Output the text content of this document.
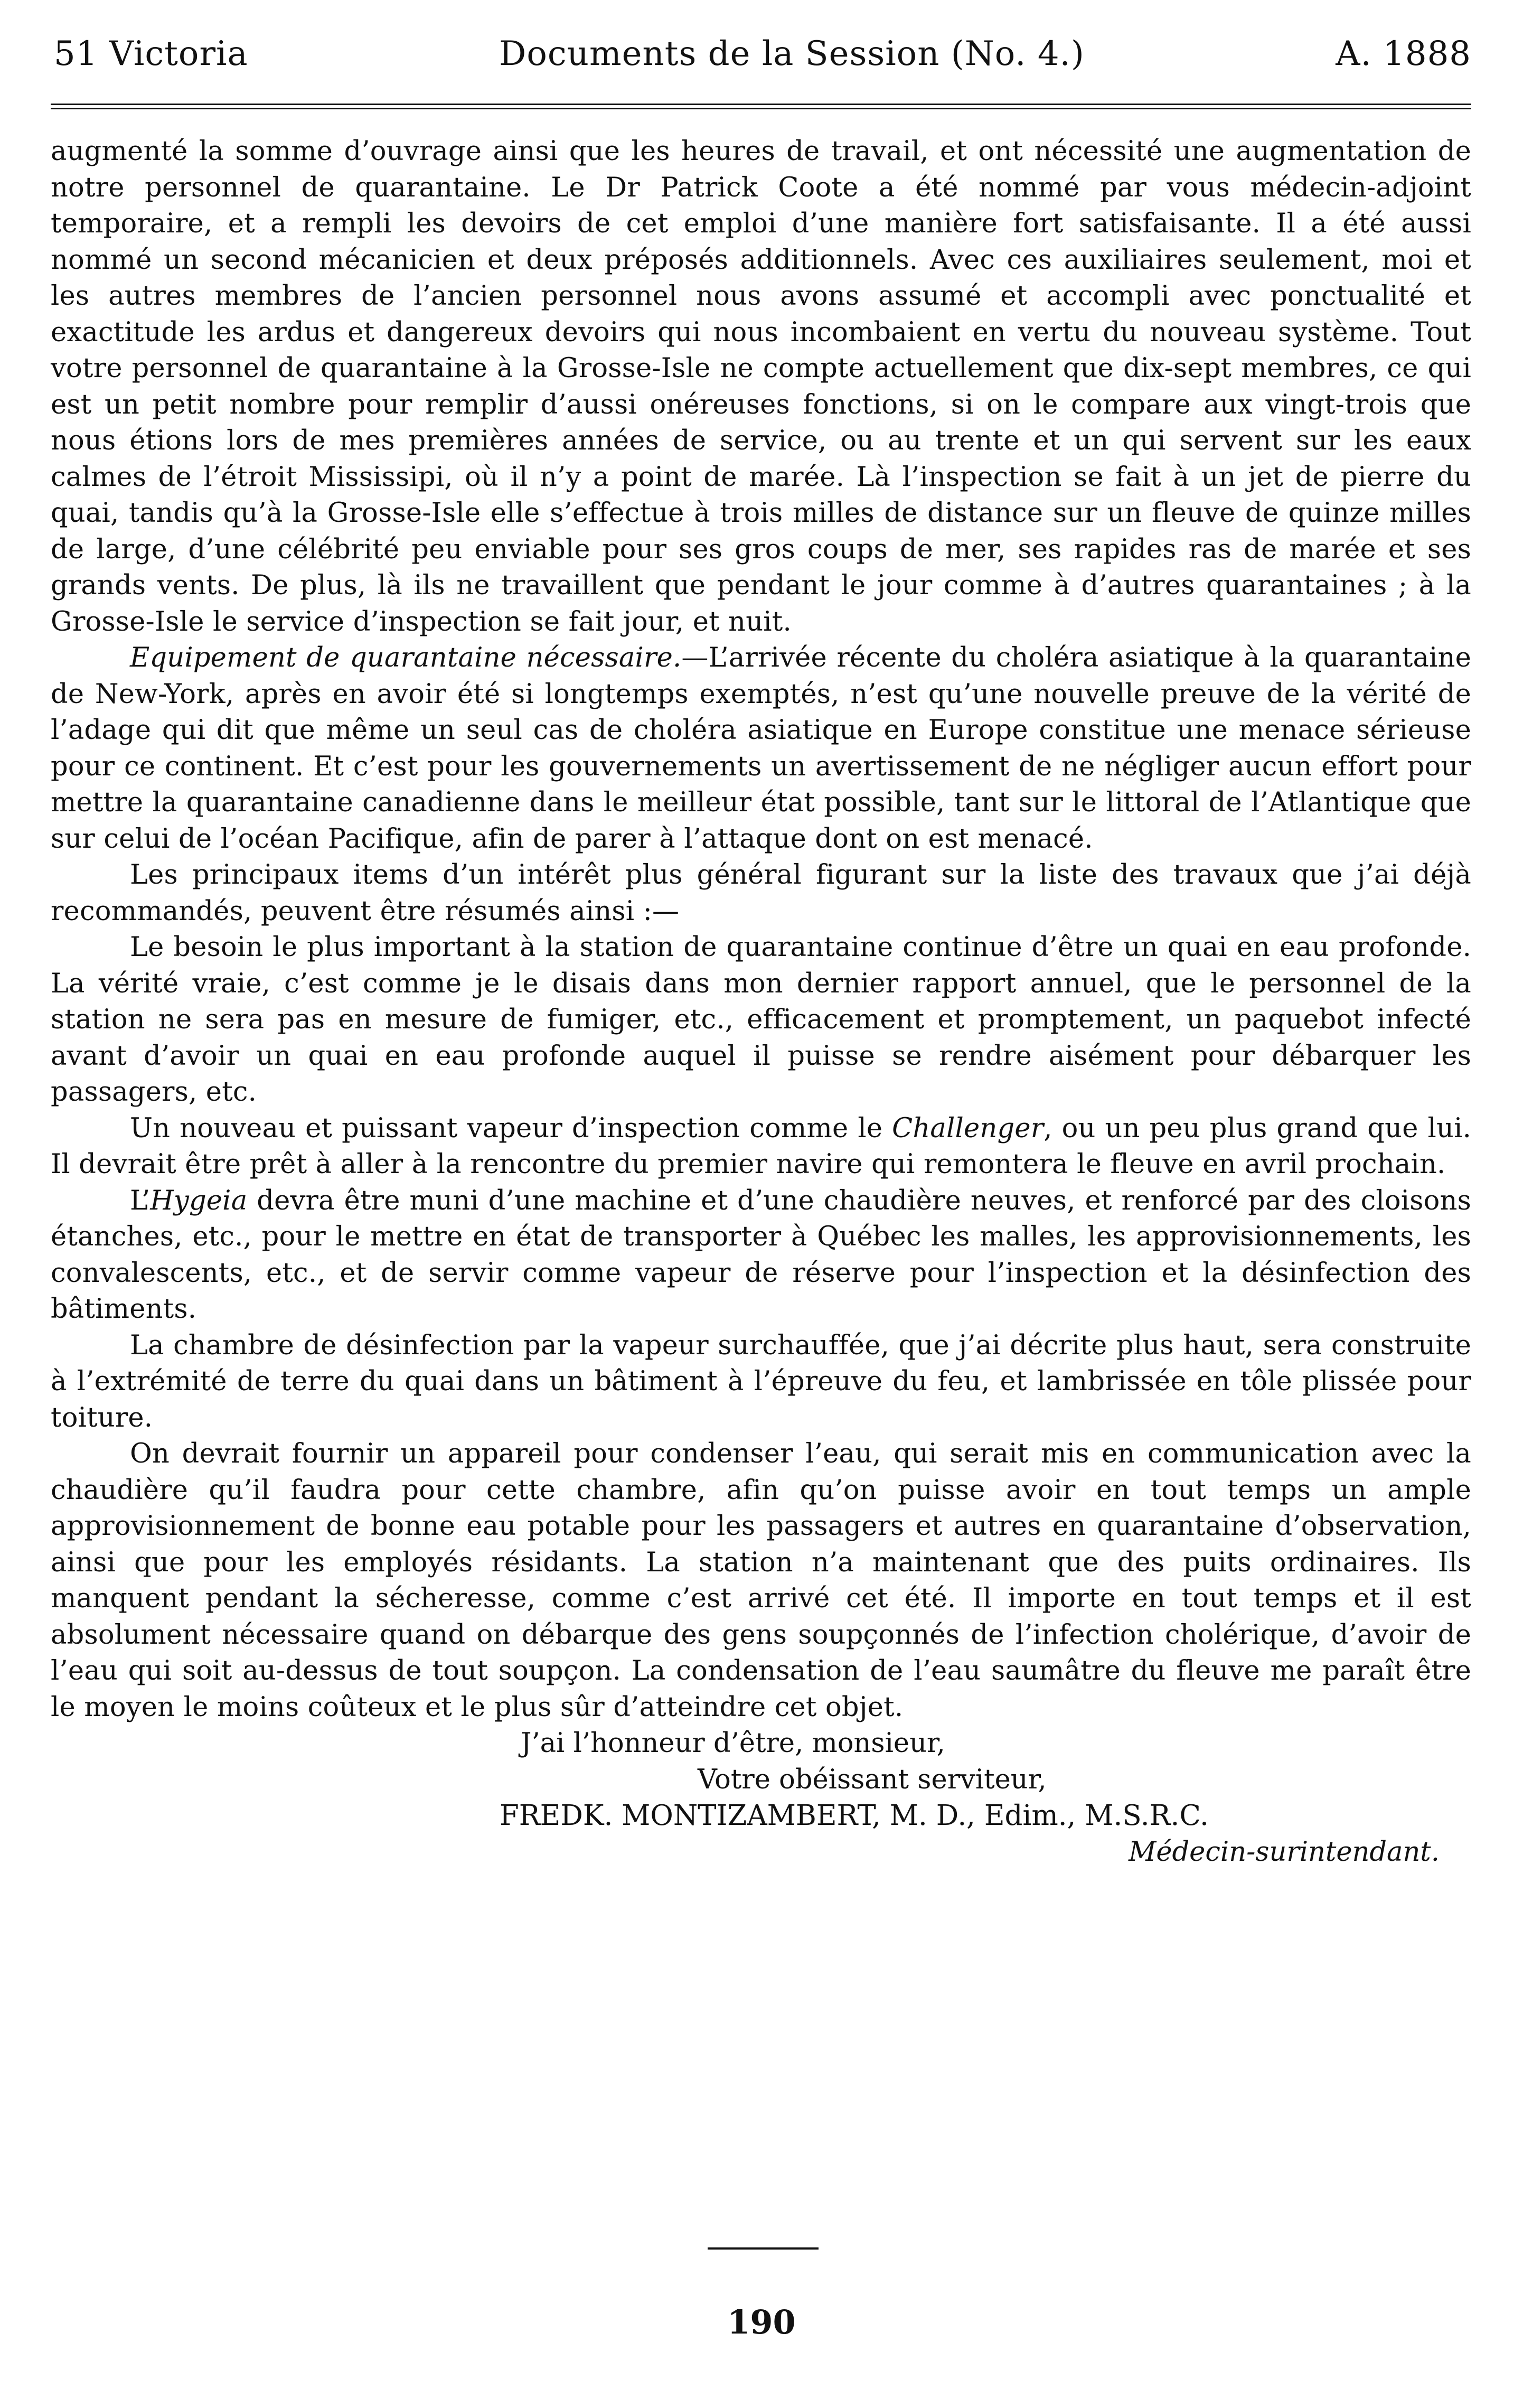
51 Victoria	Documents de la Session (No. 4.)	A. 1888

augmenté la somme d’ouvrage ainsi que les heures de travail, et ont nécessité une augmentation de notre personnel de quarantaine. Le Dr Patrick Coote a été nommé par vous médecin-adjoint temporaire, et a rempli les devoirs de cet emploi d’une manière fort satisfaisante. Il a été aussi nommé un second mécanicien et deux préposés additionnels. Avec ces auxiliaires seulement, moi et les autres membres de l’ancien personnel nous avons assumé et accompli avec ponctualité et exactitude les ardus et dangereux devoirs qui nous incombaient en vertu du nouveau système. Tout votre personnel de quarantaine à la Grosse-Isle ne compte actuellement que dix-sept membres, ce qui est un petit nombre pour remplir d’aussi onéreuses fonctions, si on le compare aux vingt-trois que nous étions lors de mes premières années de service, ou au trente et un qui servent sur les eaux calmes de l’étroit Mississipi, où il n’y a point de marée. Là l’inspection se fait à un jet de pierre du quai, tandis qu’à la Grosse-Isle elle s’effectue à trois milles de distance sur un fleuve de quinze milles de large, d’une célébrité peu enviable pour ses gros coups de mer, ses rapides ras de marée et ses grands vents. De plus, là ils ne travaillent que pendant le jour comme à d’autres quarantaines ; à la Grosse-Isle le service d’inspection se fait jour, et nuit.

Equipement de quarantaine nécessaire.—L’arrivée récente du choléra asiatique à la quarantaine de New-York, après en avoir été si longtemps exemptés, n’est qu’une nouvelle preuve de la vérité de l’adage qui dit que même un seul cas de choléra asiatique en Europe constitue une menace sérieuse pour ce continent. Et c’est pour les gouvernements un avertissement de ne négliger aucun effort pour mettre la quarantaine canadienne dans le meilleur état possible, tant sur le littoral de l’Atlantique que sur celui de l’océan Pacifique, afin de parer à l’attaque dont on est menacé.

Les principaux items d’un intérêt plus général figurant sur la liste des travaux que j’ai déjà recommandés, peuvent être résumés ainsi :—

Le besoin le plus important à la station de quarantaine continue d’être un quai en eau profonde. La vérité vraie, c’est comme je le disais dans mon dernier rapport annuel, que le personnel de la station ne sera pas en mesure de fumiger, etc., efficacement et promptement, un paquebot infecté avant d’avoir un quai en eau profonde auquel il puisse se rendre aisément pour débarquer les passagers, etc.

Un nouveau et puissant vapeur d’inspection comme le Challenger, ou un peu plus grand que lui. Il devrait être prêt à aller à la rencontre du premier navire qui remontera le fleuve en avril prochain.

L’Hygeia devra être muni d’une machine et d’une chaudière neuves, et renforcé par des cloisons étanches, etc., pour le mettre en état de transporter à Québec les malles, les approvisionnements, les convalescents, etc., et de servir comme vapeur de réserve pour l’inspection et la désinfection des bâtiments.

La chambre de désinfection par la vapeur surchauffée, que j’ai décrite plus haut, sera construite à l’extrémité de terre du quai dans un bâtiment à l’épreuve du feu, et lambrissée en tôle plissée pour toiture.

On devrait fournir un appareil pour condenser l’eau, qui serait mis en communication avec la chaudière qu’il faudra pour cette chambre, afin qu’on puisse avoir en tout temps un ample approvisionnement de bonne eau potable pour les passagers et autres en quarantaine d’observation, ainsi que pour les employés résidants. La station n’a maintenant que des puits ordinaires. Ils manquent pendant la sécheresse, comme c’est arrivé cet été. Il importe en tout temps et il est absolument nécessaire quand on débarque des gens soupçonnés de l’infection cholérique, d’avoir de l’eau qui soit au-dessus de tout soupçon. La condensation de l’eau saumâtre du fleuve me paraît être le moyen le moins coûteux et le plus sûr d’atteindre cet objet.

J’ai l’honneur d’être, monsieur,
Votre obéissant serviteur,
FREDK. MONTIZAMBERT, M. D., Edim., M.S.R.C.
Médecin-surintendant.
190
